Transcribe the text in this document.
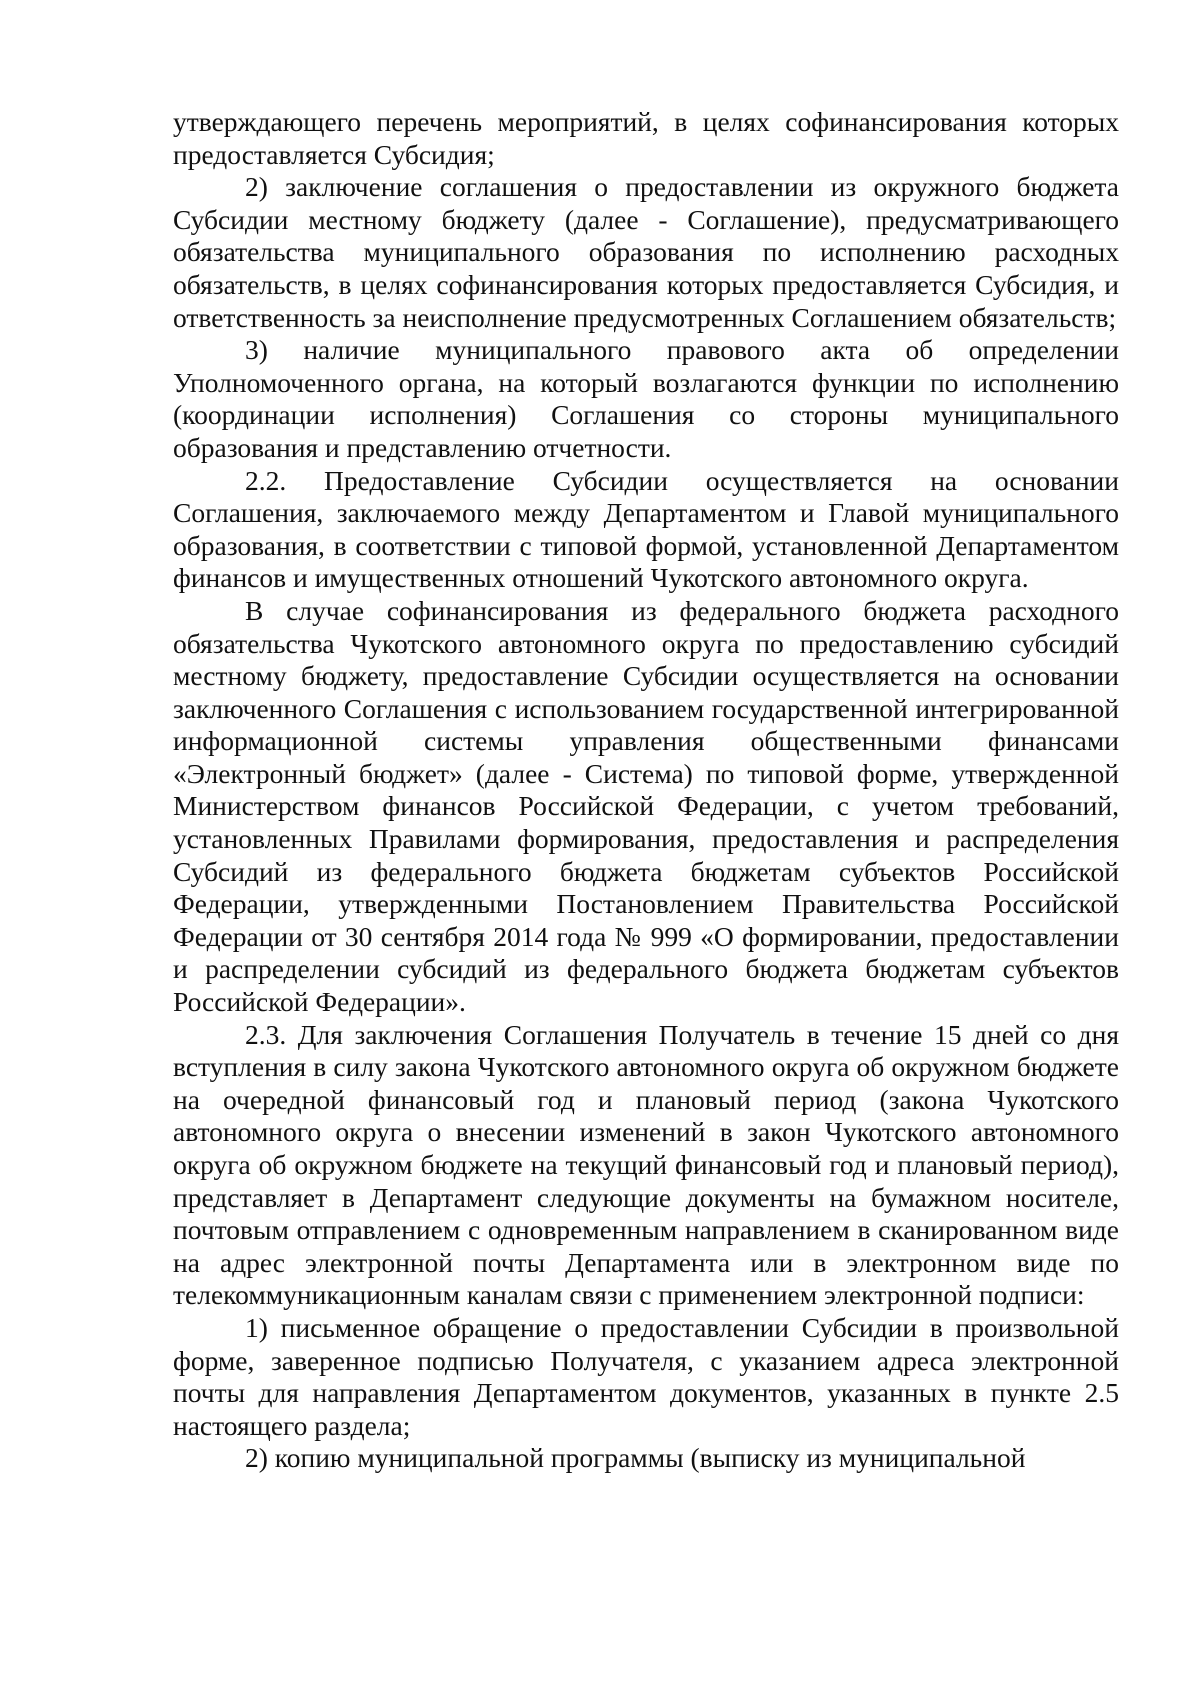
утверждающего перечень мероприятий, в целях софинансирования которых предоставляется Субсидия;

2) заключение соглашения о предоставлении из окружного бюджета Субсидии местному бюджету (далее - Соглашение), предусматривающего обязательства муниципального образования по исполнению расходных обязательств, в целях софинансирования которых предоставляется Субсидия, и ответственность за неисполнение предусмотренных Соглашением обязательств;

3) наличие муниципального правового акта об определении Уполномоченного органа, на который возлагаются функции по исполнению (координации исполнения) Соглашения со стороны муниципального образования и представлению отчетности.

2.2. Предоставление Субсидии осуществляется на основании Соглашения, заключаемого между Департаментом и Главой муниципального образования, в соответствии с типовой формой, установленной Департаментом финансов и имущественных отношений Чукотского автономного округа.

В случае софинансирования из федерального бюджета расходного обязательства Чукотского автономного округа по предоставлению субсидий местному бюджету, предоставление Субсидии осуществляется на основании заключенного Соглашения с использованием государственной интегрированной информационной системы управления общественными финансами «Электронный бюджет» (далее - Система) по типовой форме, утвержденной Министерством финансов Российской Федерации, с учетом требований, установленных Правилами формирования, предоставления и распределения Субсидий из федерального бюджета бюджетам субъектов Российской Федерации, утвержденными Постановлением Правительства Российской Федерации от 30 сентября 2014 года № 999 «О формировании, предоставлении и распределении субсидий из федерального бюджета бюджетам субъектов Российской Федерации».

2.3. Для заключения Соглашения Получатель в течение 15 дней со дня вступления в силу закона Чукотского автономного округа об окружном бюджете на очередной финансовый год и плановый период (закона Чукотского автономного округа о внесении изменений в закон Чукотского автономного округа об окружном бюджете на текущий финансовый год и плановый период), представляет в Департамент следующие документы на бумажном носителе, почтовым отправлением с одновременным направлением в сканированном виде на адрес электронной почты Департамента или в электронном виде по телекоммуникационным каналам связи с применением электронной подписи:

1) письменное обращение о предоставлении Субсидии в произвольной форме, заверенное подписью Получателя, с указанием адреса электронной почты для направления Департаментом документов, указанных в пункте 2.5 настоящего раздела;

2) копию муниципальной программы (выписку из муниципальной
